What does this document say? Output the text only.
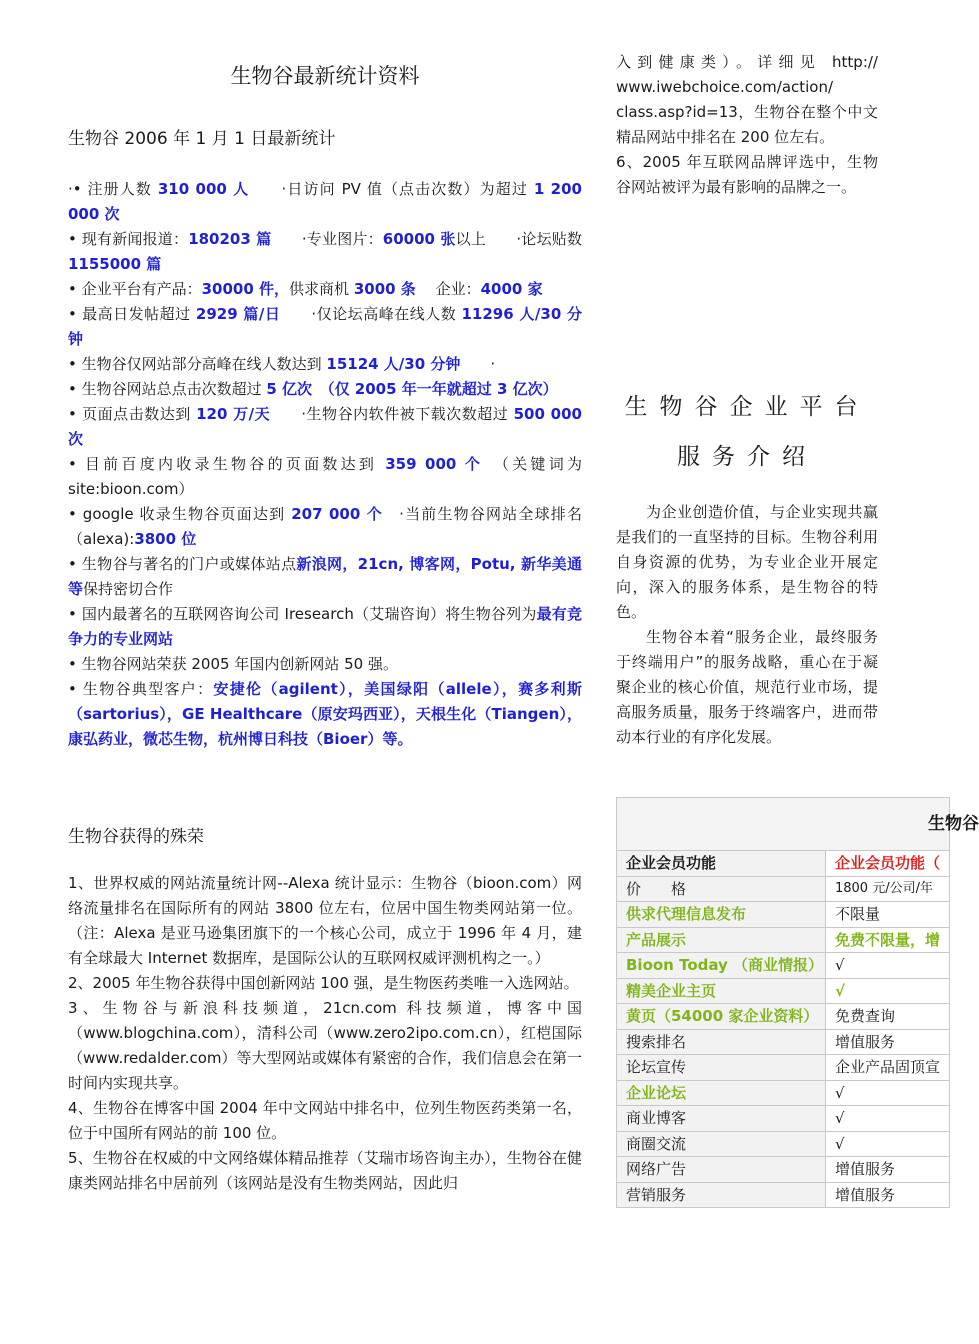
生物谷最新统计资料
生物谷 2006 年 1 月 1 日最新统计
·• 注册人数 310 000 人　　 ·日访问 PV 值（点击次数）为超过 1 200 000 次
• 现有新闻报道：180203 篇　　 ·专业图片：60000 张以上　　 ·论坛贴数 1155000 篇
• 企业平台有产品：30000 件，供求商机 3000 条　 企业：4000 家
• 最高日发帖超过 2929 篇/日　　 ·仅论坛高峰在线人数 11296 人/30 分钟
• 生物谷仅网站部分高峰在线人数达到 15124 人/30 分钟　　 ·
• 生物谷网站总点击次数超过 5 亿次　 （仅 2005 年一年就超过 3 亿次）
• 页面点击数达到 120 万/天　　 ·生物谷内软件被下载次数超过 500 000 次
• 目前百度内收录生物谷的页面数达到 359 000 个　 （关键词为 site:bioon.com）
• google 收录生物谷页面达到 207 000 个　 ·当前生物谷网站全球排名（alexa):3800 位
• 生物谷与著名的门户或媒体站点新浪网，21cn, 博客网，Potu, 新华美通等保持密切合作
• 国内最著名的互联网咨询公司 Iresearch（艾瑞咨询）将生物谷列为最有竞争力的专业网站
• 生物谷网站荣获 2005 年国内创新网站 50 强。
• 生物谷典型客户：安捷伦（agilent），美国绿阳（allele），赛多利斯（sartorius），GE Healthcare（原安玛西亚），天根生化（Tiangen），康弘药业，微芯生物，杭州博日科技（Bioer）等。
生物谷获得的殊荣
1、世界权威的网站流量统计网--Alexa 统计显示：生物谷（bioon.com）网络流量排名在国际所有的网站 3800 位左右，位居中国生物类网站第一位。 （注：Alexa 是亚马逊集团旗下的一个核心公司，成立于 1996 年 4 月，建有全球最大 Internet 数据库，是国际公认的互联网权威评测机构之一。）
2、2005 年生物谷获得中国创新网站 100 强，是生物医药类唯一入选网站。
3、生物谷与新浪科技频道，21cn.com 科技频道，博客中国（www.blogchina.com），清科公司（www.zero2ipo.com.cn），红桤国际（www.redalder.com）等大型网站或媒体有紧密的合作，我们信息会在第一时间内实现共享。
4、生物谷在博客中国 2004 年中文网站中排名中，位列生物医药类第一名，位于中国所有网站的前 100 位。
5、生物谷在权威的中文网络媒体精品推荐（艾瑞市场咨询主办），生物谷在健康类网站排名中居前列（该网站是没有生物类网站，因此归
入到健康类）。详细见 http:// www.iwebchoice.com/action/ class.asp?id=13，生物谷在整个中文精品网站中排名在 200 位左右。
6、2005 年互联网品牌评选中，生物谷网站被评为最有影响的品牌之一。
生物谷企业平台
服务介绍
为企业创造价值，与企业实现共赢是我们的一直坚持的目标。生物谷利用自身资源的优势，为专业企业开展定向，深入的服务体系，是生物谷的特色。
生物谷本着“服务企业，最终服务于终端用户”的服务战略，重心在于凝聚企业的核心价值，规范行业市场，提高服务质量，服务于终端客户，进而带动本行业的有序化发展。
生物谷	
企业会员功能	企业会员功能（
价　　格	1800 元/公司/年
供求代理信息发布	不限量
产品展示	免费不限量，增
Bioon Today （商业情报）	√
精美企业主页	√
黄页（54000 家企业资料）	免费查询
搜索排名	增值服务
论坛宣传	企业产品固顶宣
企业论坛	√
商业博客	√
商圈交流	√
网络广告	增值服务
营销服务	增值服务
